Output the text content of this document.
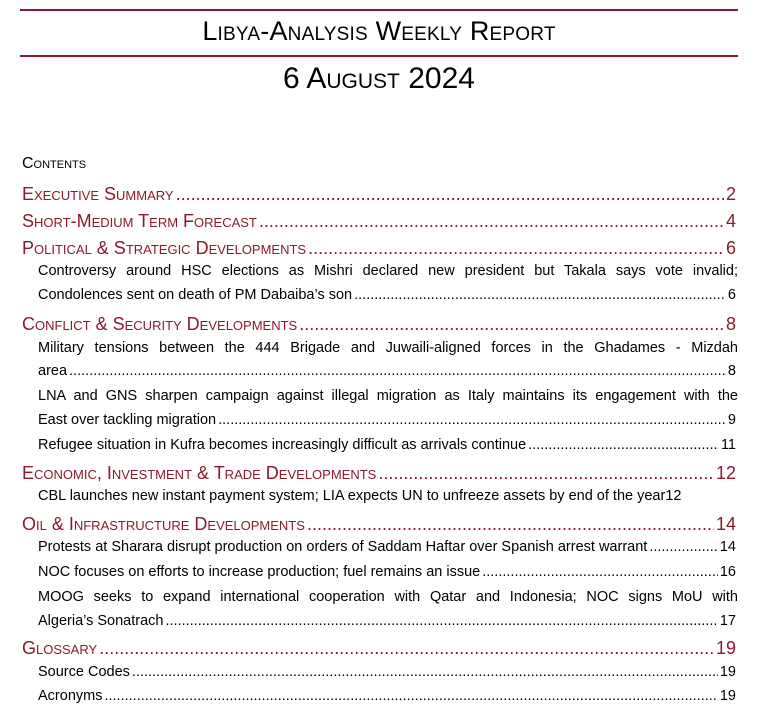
Libya-Analysis Weekly Report
6 August 2024
Contents
Executive Summary .....	2
Short-Medium Term Forecast .....	4
Political & Strategic Developments .....	6
Controversy around HSC elections as Mishri declared new president but Takala says vote invalid;
Condolences sent on death of PM Dabaiba’s son .....	6
Conflict & Security Developments .....	8
Military tensions between the 444 Brigade and Juwaili-aligned forces in the Ghadames - Mizdah
area .....	8
LNA and GNS sharpen campaign against illegal migration as Italy maintains its engagement with the
East over tackling migration .....	9
Refugee situation in Kufra becomes increasingly difficult as arrivals continue .....	11
Economic, Investment & Trade Developments .....	12
CBL launches new instant payment system; LIA expects UN to unfreeze assets by end of the year 12
Oil & Infrastructure Developments .....	14
Protests at Sharara disrupt production on orders of Saddam Haftar over Spanish arrest warrant .....	14
NOC focuses on efforts to increase production; fuel remains an issue .....	16
MOOG seeks to expand international cooperation with Qatar and Indonesia; NOC signs MoU with
Algeria’s Sonatrach .....	17
Glossary .....	19
Source Codes .....	19
Acronyms .....	19
